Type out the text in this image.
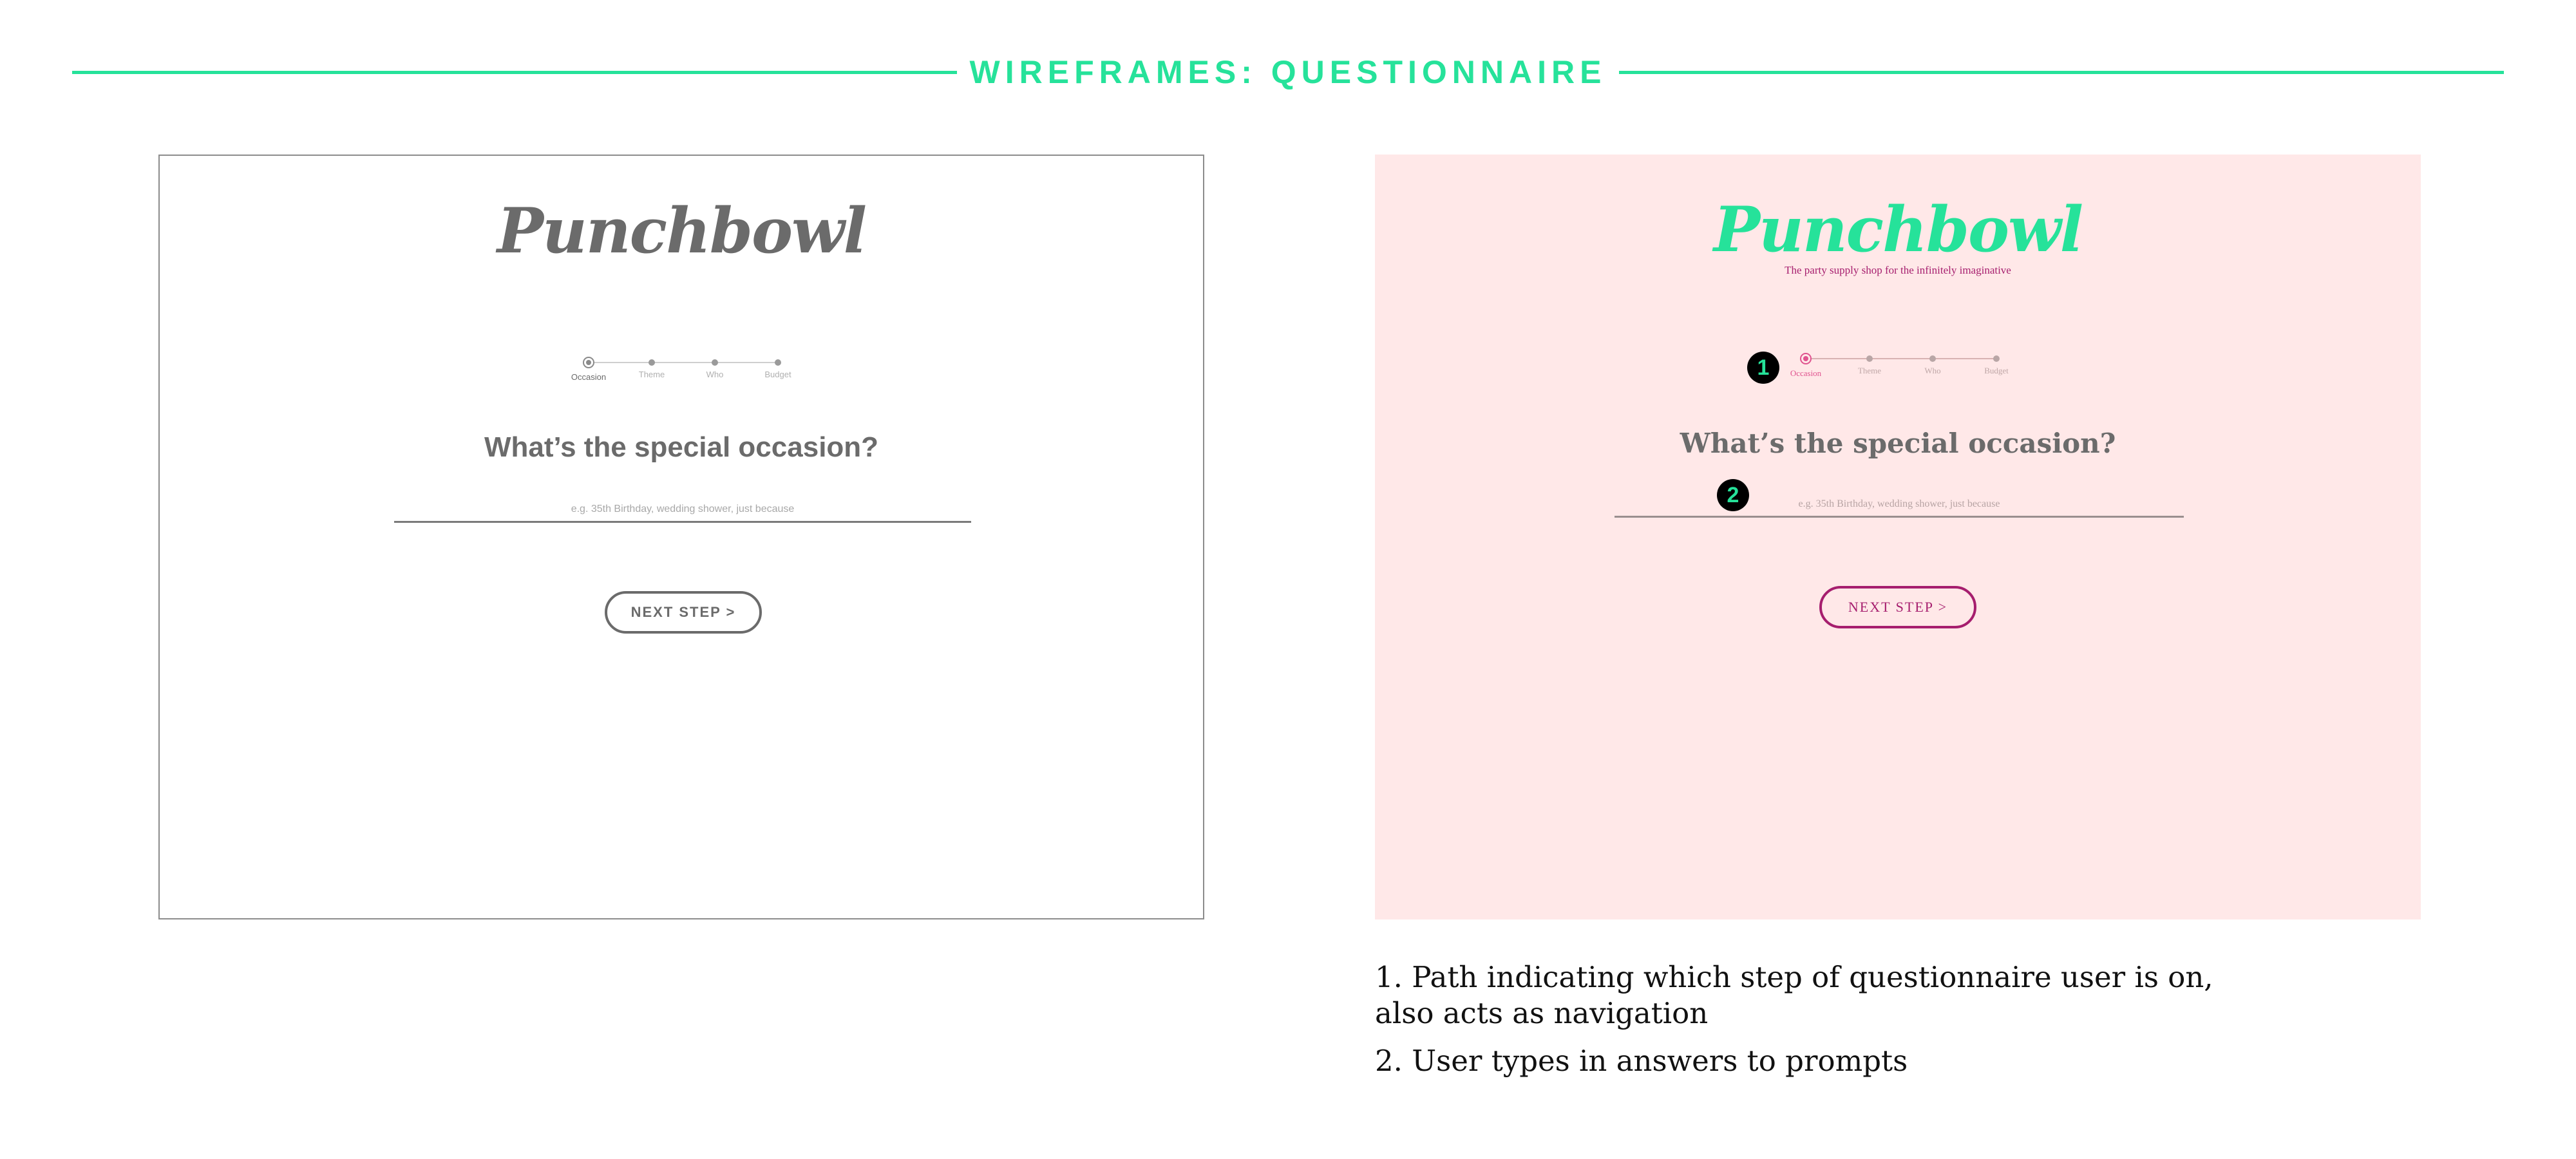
WIREFRAMES: QUESTIONNAIRE
Punchbowl
Occasion	Theme	Who	Budget
What’s the special occasion?
e.g. 35th Birthday, wedding shower, just because
NEXT STEP >
Punchbowl
The party supply shop for the infinitely imaginative
1	Occasion	Theme	Who	Budget
What’s the special occasion?
2
e.g. 35th Birthday, wedding shower, just because
NEXT STEP >

1. Path indicating which step of questionnaire user is on, also acts as navigation

2. User types in answers to prompts
